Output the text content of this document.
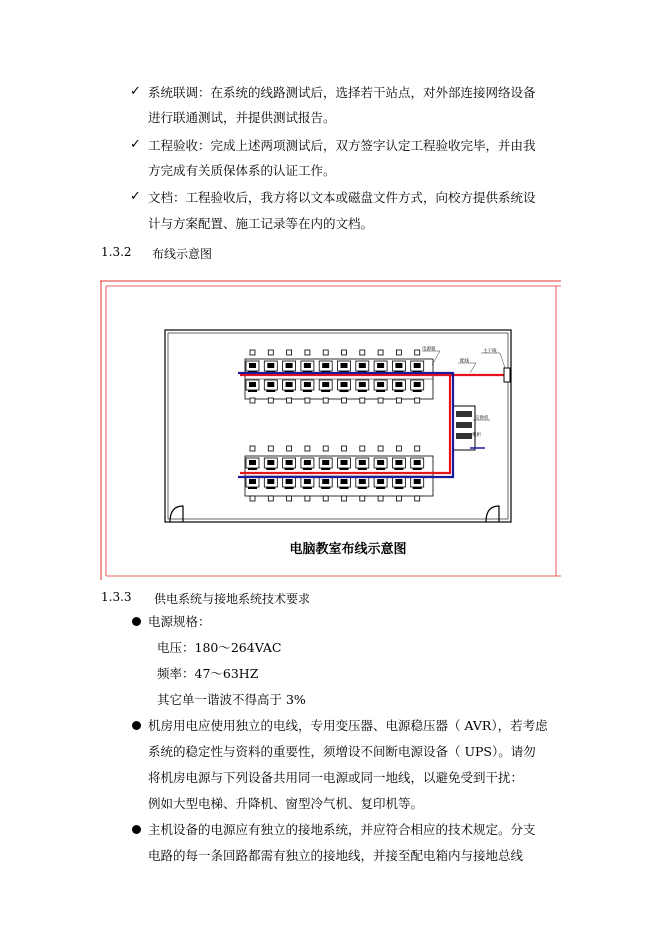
✓ 系统联调：在系统的线路测试后，选择若干站点，对外部连接网络设备
进行联通测试，并提供测试报告。
✓ 工程验收：完成上述两项测试后，双方签字认定工程验收完毕，并由我
方完成有关质保体系的认证工作。
✓ 文档：工程验收后，我方将以文本或磁盘文件方式，向校方提供系统设
计与方案配置、施工记录等在内的文档。
1.3.2 布线示意图
电源箱
配线
主干线
交换机
机柜
电脑教室布线示意图
1.3.3 供电系统与接地系统技术要求
电源规格：
电压：180～264VAC
频率：47～63HZ
其它单一谐波不得高于 3%
机房用电应使用独立的电线，专用变压器、电源稳压器（ AVR），若考虑
系统的稳定性与资料的重要性，须增设不间断电源设备（ UPS）。请勿
将机房电源与下列设备共用同一电源或同一地线，以避免受到干扰：
例如大型电梯、升降机、窗型冷气机、复印机等。
主机设备的电源应有独立的接地系统，并应符合相应的技术规定。分支
电路的每一条回路都需有独立的接地线，并接至配电箱内与接地总线
